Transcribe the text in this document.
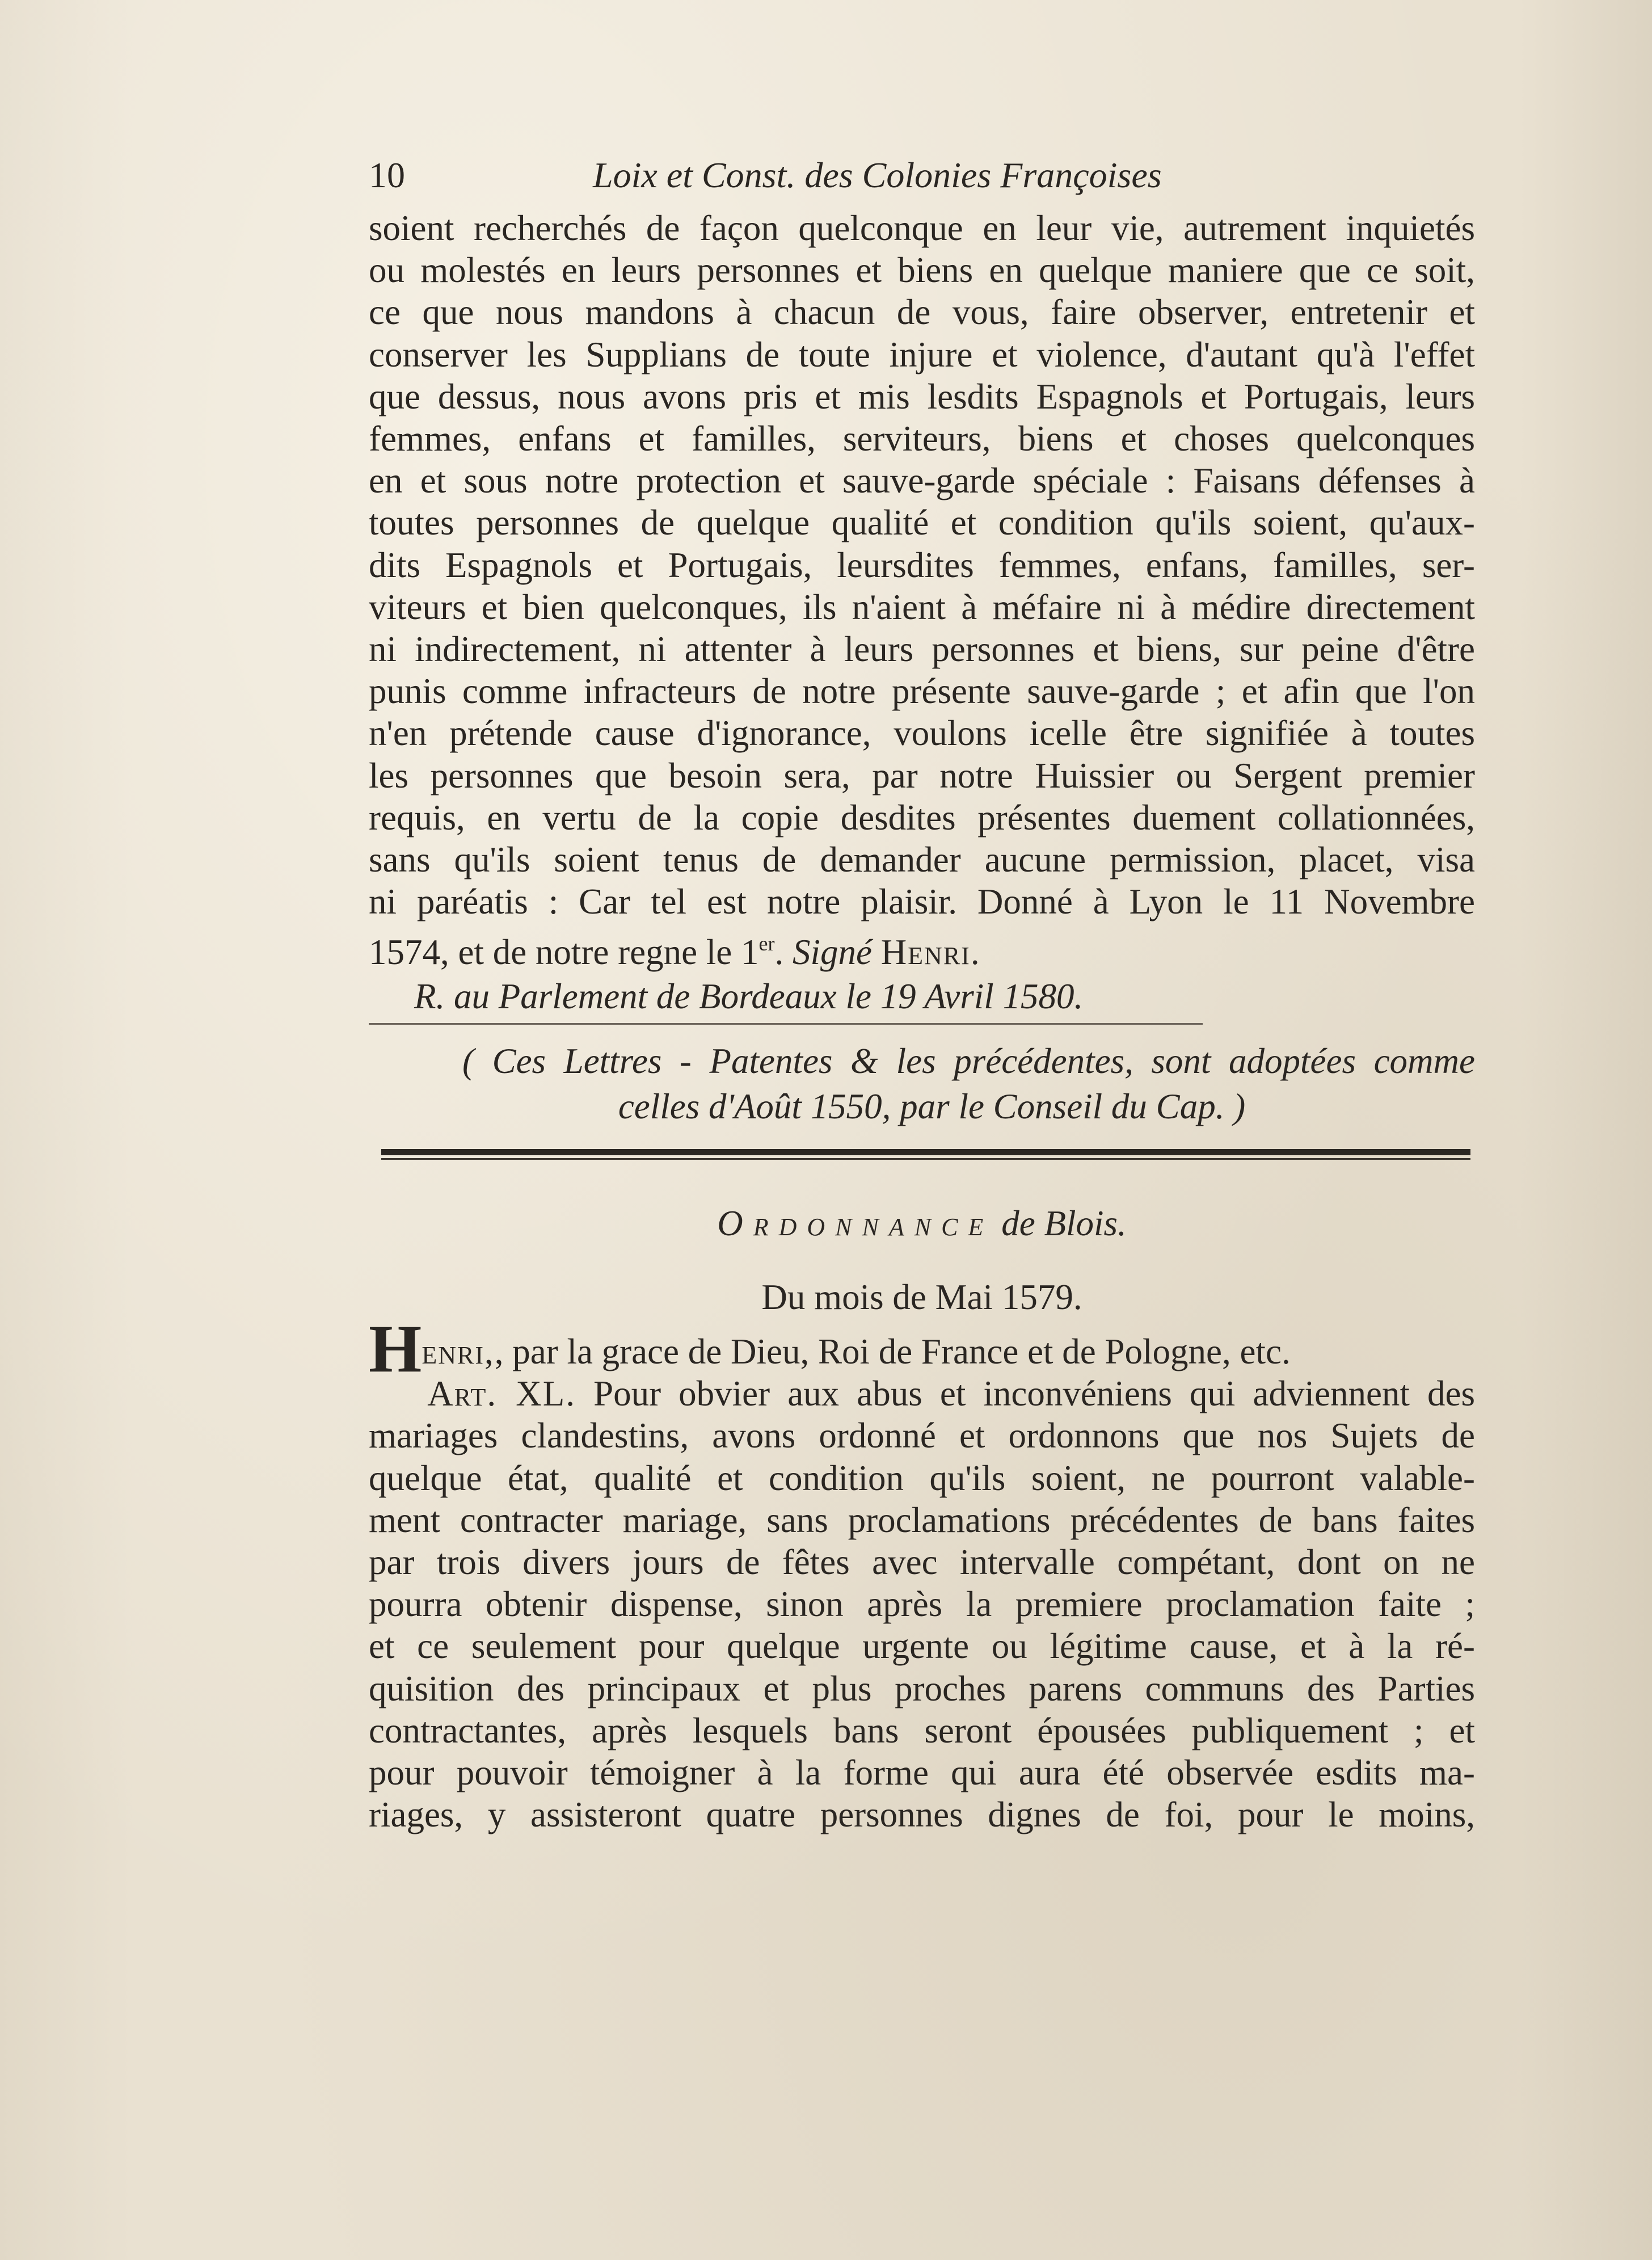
10	Loix et Const. des Colonies Françoises

soient recherchés de façon quelconque en leur vie, autrement inquietés

ou molestés en leurs personnes et biens en quelque maniere que ce soit,

ce que nous mandons à chacun de vous, faire observer, entretenir et

conserver les Supplians de toute injure et violence, d'autant qu'à l'effet

que dessus, nous avons pris et mis lesdits Espagnols et Portugais, leurs

femmes, enfans et familles, serviteurs, biens et choses quelconques

en et sous notre protection et sauve-garde spéciale : Faisans défenses à

toutes personnes de quelque qualité et condition qu'ils soient, qu'aux-

dits Espagnols et Portugais, leursdites femmes, enfans, familles, ser-

viteurs et bien quelconques, ils n'aient à méfaire ni à médire directement

ni indirectement, ni attenter à leurs personnes et biens, sur peine d'être

punis comme infracteurs de notre présente sauve-garde ; et afin que l'on

n'en prétende cause d'ignorance, voulons icelle être signifiée à toutes

les personnes que besoin sera, par notre Huissier ou Sergent premier

requis, en vertu de la copie desdites présentes duement collationnées,

sans qu'ils soient tenus de demander aucune permission, placet, visa

ni paréatis : Car tel est notre plaisir. Donné à Lyon le 11 Novembre

1574, et de notre regne le 1er. Signé Henri.

R. au Parlement de Bordeaux le 19 Avril 1580.
( Ces Lettres - Patentes & les précédentes, sont adoptées comme
celles d'Août 1550, par le Conseil du Cap. )
Ordonnance de Blois.
Du mois de Mai 1579.

Henri,, par la grace de Dieu, Roi de France et de Pologne, etc.

Art. XL. Pour obvier aux abus et inconvéniens qui adviennent des

mariages clandestins, avons ordonné et ordonnons que nos Sujets de

quelque état, qualité et condition qu'ils soient, ne pourront valable-

ment contracter mariage, sans proclamations précédentes de bans faites

par trois divers jours de fêtes avec intervalle compétant, dont on ne

pourra obtenir dispense, sinon après la premiere proclamation faite ;

et ce seulement pour quelque urgente ou légitime cause, et à la ré-

quisition des principaux et plus proches parens communs des Parties

contractantes, après lesquels bans seront épousées publiquement ; et

pour pouvoir témoigner à la forme qui aura été observée esdits ma-

riages, y assisteront quatre personnes dignes de foi, pour le moins,
